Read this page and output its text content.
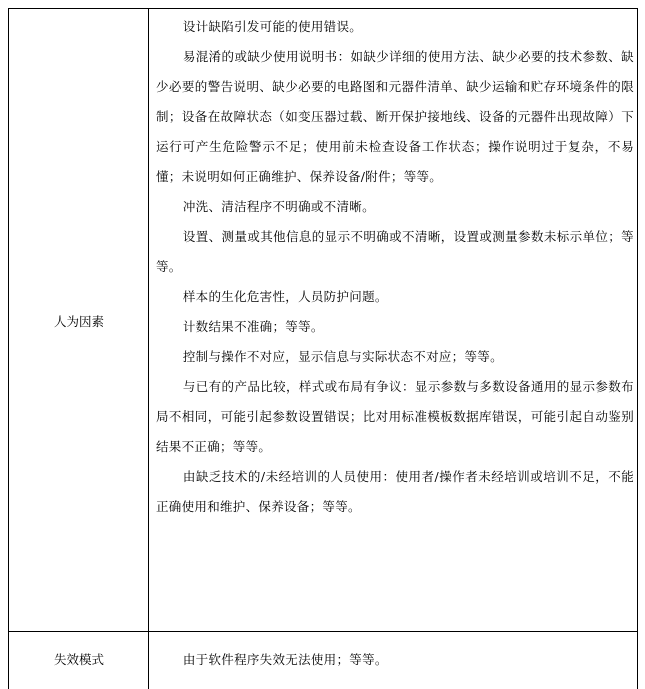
人为因素

设计缺陷引发可能的使用错误。

易混淆的或缺少使用说明书：如缺少详细的使用方法、缺少必要的技术参数、缺少必要的警告说明、缺少必要的电路图和元器件清单、缺少运输和贮存环境条件的限制；设备在故障状态（如变压器过载、断开保护接地线、设备的元器件出现故障）下运行可产生危险警示不足；使用前未检查设备工作状态；操作说明过于复杂，不易懂；未说明如何正确维护、保养设备/附件；等等。

冲洗、清洁程序不明确或不清晰。

设置、测量或其他信息的显示不明确或不清晰，设置或测量参数未标示单位；等等。

样本的生化危害性，人员防护问题。

计数结果不准确；等等。

控制与操作不对应，显示信息与实际状态不对应；等等。

与已有的产品比较，样式或布局有争议：显示参数与多数设备通用的显示参数布局不相同，可能引起参数设置错误；比对用标准模板数据库错误，可能引起自动鉴别结果不正确；等等。

由缺乏技术的/未经培训的人员使用：使用者/操作者未经培训或培训不足，不能正确使用和维护、保养设备；等等。

失效模式	由于软件程序失效无法使用；等等。
